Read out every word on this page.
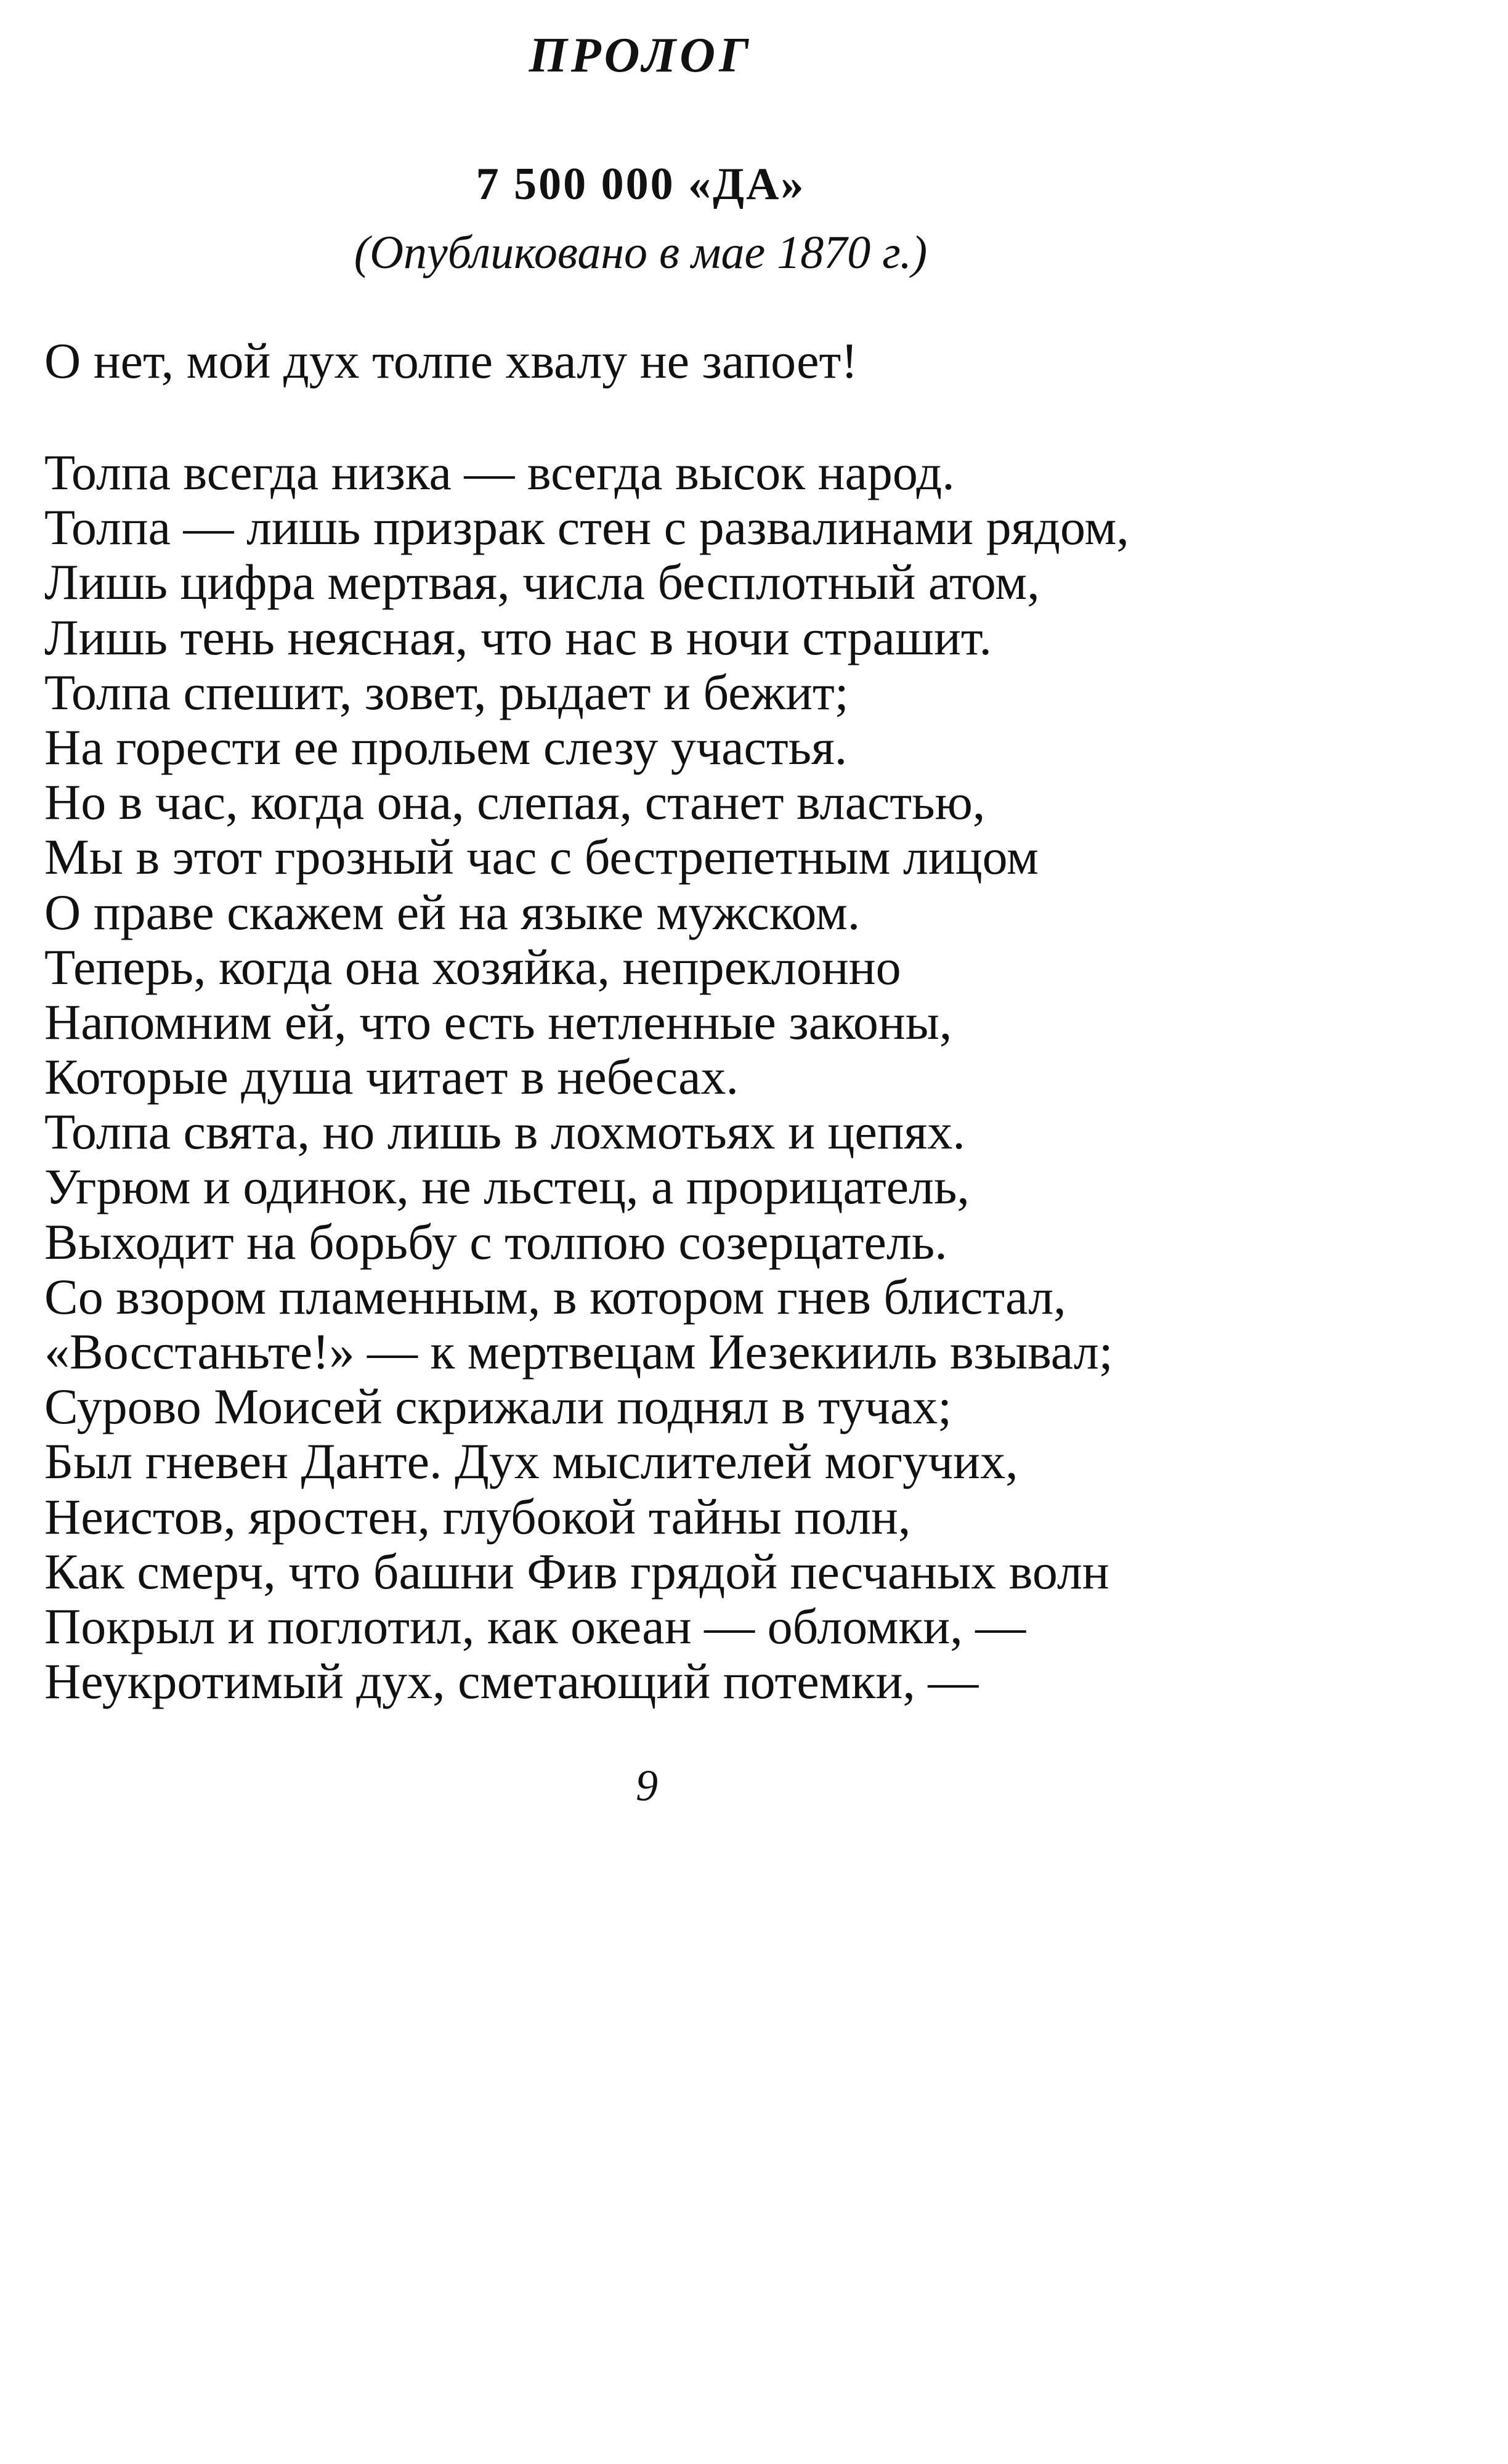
ПРОЛОГ
7 500 000 «ДА»
(Опубликовано в мае 1870 г.)
О нет, мой дух толпе хвалу не запоет!
Толпа всегда низка — всегда высок народ.
Толпа — лишь призрак стен с развалинами рядом,
Лишь цифра мертвая, числа бесплотный атом,
Лишь тень неясная, что нас в ночи страшит.
Толпа спешит, зовет, рыдает и бежит;
На горести ее прольем слезу участья.
Но в час, когда она, слепая, станет властью,
Мы в этот грозный час с бестрепетным лицом
О праве скажем ей на языке мужском.
Теперь, когда она хозяйка, непреклонно
Напомним ей, что есть нетленные законы,
Которые душа читает в небесах.
Толпа свята, но лишь в лохмотьях и цепях.
Угрюм и одинок, не льстец, а прорицатель,
Выходит на борьбу с толпою созерцатель.
Со взором пламенным, в котором гнев блистал,
«Восстаньте!» — к мертвецам Иезекииль взывал;
Сурово Моисей скрижали поднял в тучах;
Был гневен Данте. Дух мыслителей могучих,
Неистов, яростен, глубокой тайны полн,
Как смерч, что башни Фив грядой песчаных волн
Покрыл и поглотил, как океан — обломки, —
Неукротимый дух, сметающий потемки, —
9
